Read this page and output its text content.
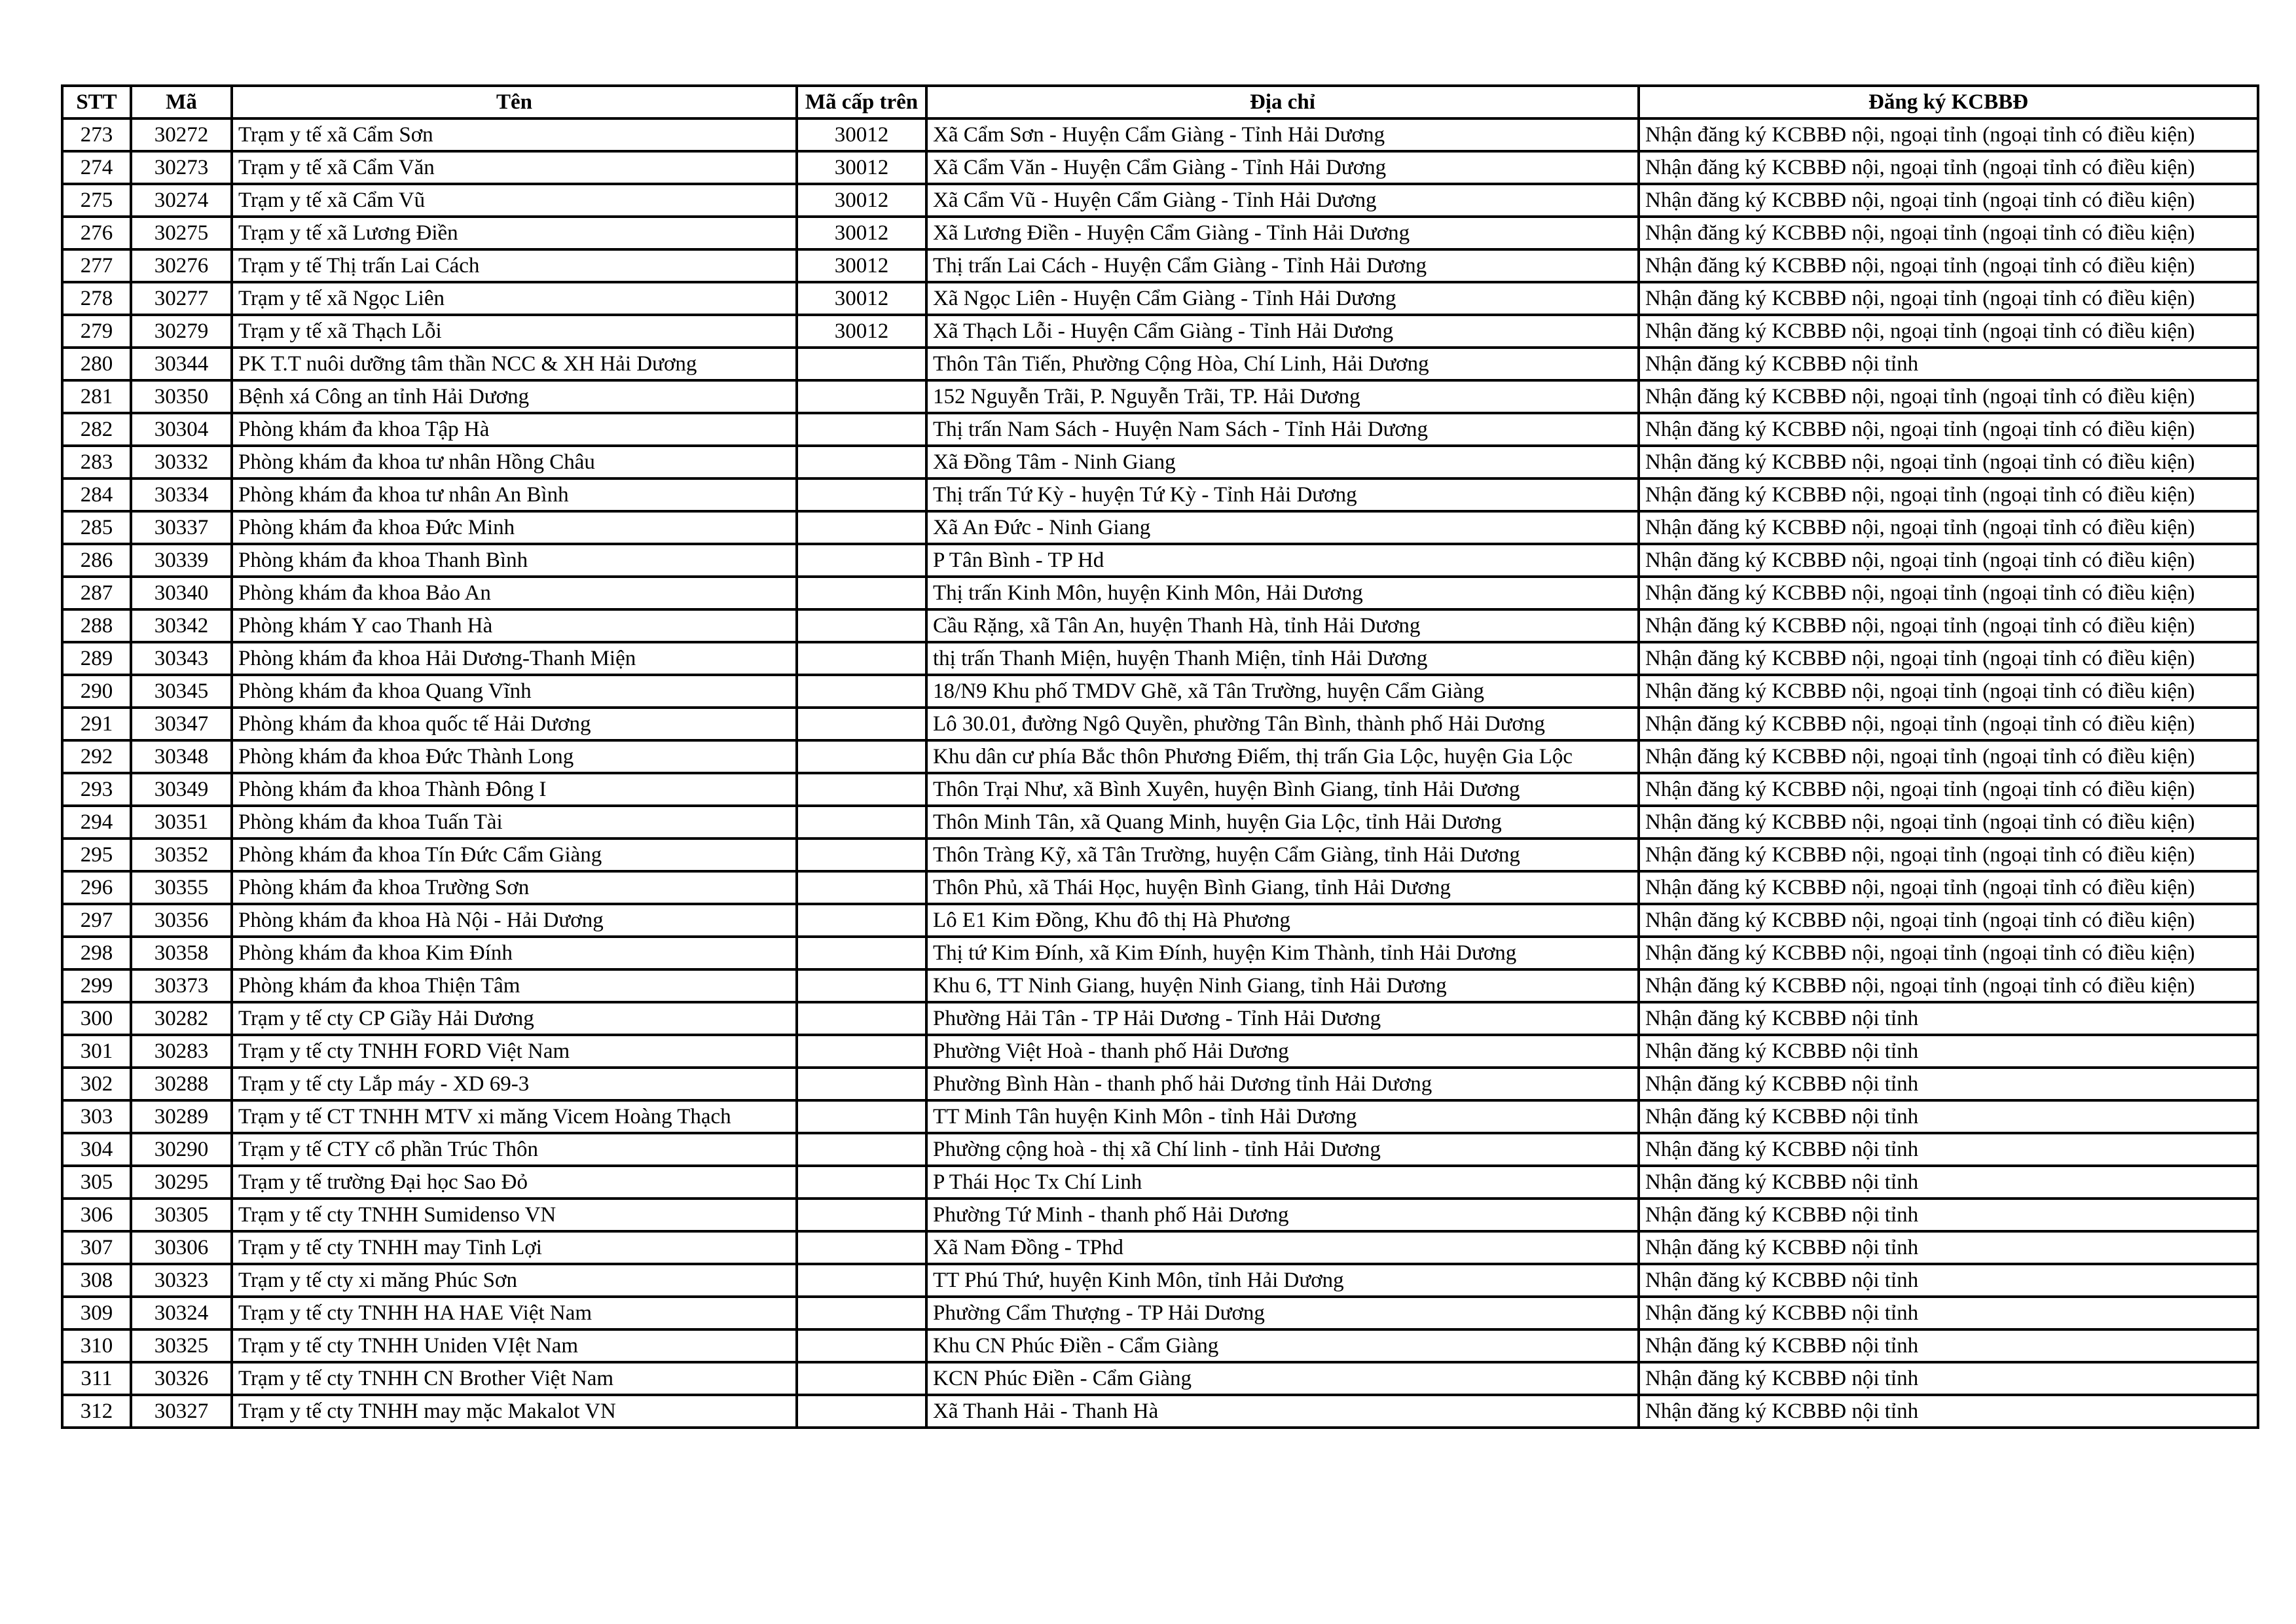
STT	Mã	Tên	Mã cấp trên	Địa chỉ	Đăng ký KCBBĐ
273	30272	Trạm y tế xã Cẩm Sơn	30012	Xã Cẩm Sơn - Huyện Cẩm Giàng - Tỉnh Hải Dương	Nhận đăng ký KCBBĐ nội, ngoại tỉnh (ngoại tỉnh có điều kiện)
274	30273	Trạm y tế xã Cẩm Văn	30012	Xã Cẩm Văn - Huyện Cẩm Giàng - Tỉnh Hải Dương	Nhận đăng ký KCBBĐ nội, ngoại tỉnh (ngoại tỉnh có điều kiện)
275	30274	Trạm y tế xã Cẩm Vũ	30012	Xã Cẩm Vũ - Huyện Cẩm Giàng - Tỉnh Hải Dương	Nhận đăng ký KCBBĐ nội, ngoại tỉnh (ngoại tỉnh có điều kiện)
276	30275	Trạm y tế xã Lương Điền	30012	Xã Lương Điền - Huyện Cẩm Giàng - Tỉnh Hải Dương	Nhận đăng ký KCBBĐ nội, ngoại tỉnh (ngoại tỉnh có điều kiện)
277	30276	Trạm y tế Thị trấn Lai Cách	30012	Thị trấn Lai Cách - Huyện Cẩm Giàng - Tỉnh Hải Dương	Nhận đăng ký KCBBĐ nội, ngoại tỉnh (ngoại tỉnh có điều kiện)
278	30277	Trạm y tế xã Ngọc Liên	30012	Xã Ngọc Liên - Huyện Cẩm Giàng - Tỉnh Hải Dương	Nhận đăng ký KCBBĐ nội, ngoại tỉnh (ngoại tỉnh có điều kiện)
279	30279	Trạm y tế xã Thạch Lỗi	30012	Xã Thạch Lỗi - Huyện Cẩm Giàng - Tỉnh Hải Dương	Nhận đăng ký KCBBĐ nội, ngoại tỉnh (ngoại tỉnh có điều kiện)
280	30344	PK T.T nuôi dưỡng tâm thần NCC & XH Hải Dương		Thôn Tân Tiến, Phường Cộng Hòa, Chí Linh, Hải Dương	Nhận đăng ký KCBBĐ nội tỉnh
281	30350	Bệnh xá Công an tỉnh Hải Dương		152 Nguyễn Trãi, P. Nguyễn Trãi, TP. Hải Dương	Nhận đăng ký KCBBĐ nội, ngoại tỉnh (ngoại tỉnh có điều kiện)
282	30304	Phòng khám đa khoa Tập Hà		Thị trấn Nam Sách - Huyện Nam Sách - Tỉnh Hải Dương	Nhận đăng ký KCBBĐ nội, ngoại tỉnh (ngoại tỉnh có điều kiện)
283	30332	Phòng khám đa khoa tư nhân Hồng Châu		Xã Đồng Tâm - Ninh Giang	Nhận đăng ký KCBBĐ nội, ngoại tỉnh (ngoại tỉnh có điều kiện)
284	30334	Phòng khám đa khoa tư nhân An Bình		Thị trấn Tứ Kỳ - huyện Tứ Kỳ - Tỉnh Hải Dương	Nhận đăng ký KCBBĐ nội, ngoại tỉnh (ngoại tỉnh có điều kiện)
285	30337	Phòng khám đa khoa Đức Minh		Xã An Đức - Ninh Giang	Nhận đăng ký KCBBĐ nội, ngoại tỉnh (ngoại tỉnh có điều kiện)
286	30339	Phòng khám đa khoa Thanh Bình		P Tân Bình - TP Hd	Nhận đăng ký KCBBĐ nội, ngoại tỉnh (ngoại tỉnh có điều kiện)
287	30340	Phòng khám đa khoa Bảo An		Thị trấn Kinh Môn, huyện Kinh Môn, Hải Dương	Nhận đăng ký KCBBĐ nội, ngoại tỉnh (ngoại tỉnh có điều kiện)
288	30342	Phòng khám Y cao Thanh Hà		Cầu Rặng, xã Tân An, huyện Thanh Hà, tỉnh Hải Dương	Nhận đăng ký KCBBĐ nội, ngoại tỉnh (ngoại tỉnh có điều kiện)
289	30343	Phòng khám đa khoa Hải Dương-Thanh Miện		thị trấn Thanh Miện, huyện Thanh Miện, tỉnh Hải Dương	Nhận đăng ký KCBBĐ nội, ngoại tỉnh (ngoại tỉnh có điều kiện)
290	30345	Phòng khám đa khoa Quang Vĩnh		18/N9 Khu phố TMDV Ghẽ, xã Tân Trường, huyện Cẩm Giàng	Nhận đăng ký KCBBĐ nội, ngoại tỉnh (ngoại tỉnh có điều kiện)
291	30347	Phòng khám đa khoa quốc tế Hải Dương		Lô 30.01, đường Ngô Quyền, phường Tân Bình, thành phố Hải Dương	Nhận đăng ký KCBBĐ nội, ngoại tỉnh (ngoại tỉnh có điều kiện)
292	30348	Phòng khám đa khoa Đức Thành Long		Khu dân cư phía Bắc thôn Phương Điếm, thị trấn Gia Lộc, huyện Gia Lộc	Nhận đăng ký KCBBĐ nội, ngoại tỉnh (ngoại tỉnh có điều kiện)
293	30349	Phòng khám đa khoa Thành Đông I		Thôn Trại Như, xã Bình Xuyên, huyện Bình Giang, tỉnh Hải Dương	Nhận đăng ký KCBBĐ nội, ngoại tỉnh (ngoại tỉnh có điều kiện)
294	30351	Phòng khám đa khoa Tuấn Tài		Thôn Minh Tân, xã Quang Minh, huyện Gia Lộc, tỉnh Hải Dương	Nhận đăng ký KCBBĐ nội, ngoại tỉnh (ngoại tỉnh có điều kiện)
295	30352	Phòng khám đa khoa Tín Đức Cẩm Giàng		Thôn Tràng Kỹ, xã Tân Trường, huyện Cẩm Giàng, tỉnh Hải Dương	Nhận đăng ký KCBBĐ nội, ngoại tỉnh (ngoại tỉnh có điều kiện)
296	30355	Phòng khám đa khoa Trường Sơn		Thôn Phủ, xã Thái Học, huyện Bình Giang, tỉnh Hải Dương	Nhận đăng ký KCBBĐ nội, ngoại tỉnh (ngoại tỉnh có điều kiện)
297	30356	Phòng khám đa khoa Hà Nội - Hải Dương		Lô E1 Kim Đồng, Khu đô thị Hà Phương	Nhận đăng ký KCBBĐ nội, ngoại tỉnh (ngoại tỉnh có điều kiện)
298	30358	Phòng khám đa khoa Kim Đính		Thị tứ Kim Đính, xã Kim Đính, huyện Kim Thành, tỉnh Hải Dương	Nhận đăng ký KCBBĐ nội, ngoại tỉnh (ngoại tỉnh có điều kiện)
299	30373	Phòng khám đa khoa Thiện Tâm		Khu 6, TT Ninh Giang, huyện Ninh Giang, tỉnh Hải Dương	Nhận đăng ký KCBBĐ nội, ngoại tỉnh (ngoại tỉnh có điều kiện)
300	30282	Trạm y tế cty CP Giầy Hải Dương		Phường Hải Tân - TP Hải Dương - Tỉnh Hải Dương	Nhận đăng ký KCBBĐ nội tỉnh
301	30283	Trạm y tế cty TNHH FORD Việt Nam		Phường Việt Hoà - thanh phố Hải Dương	Nhận đăng ký KCBBĐ nội tỉnh
302	30288	Trạm y tế cty Lắp máy - XD 69-3		Phường Bình Hàn - thanh phố hải Dương tỉnh Hải Dương	Nhận đăng ký KCBBĐ nội tỉnh
303	30289	Trạm y tế CT TNHH MTV xi măng Vicem Hoàng Thạch		TT Minh Tân huyện Kinh Môn - tỉnh Hải Dương	Nhận đăng ký KCBBĐ nội tỉnh
304	30290	Trạm y tế CTY cổ phần Trúc Thôn		Phường cộng hoà - thị xã Chí linh - tỉnh Hải Dương	Nhận đăng ký KCBBĐ nội tỉnh
305	30295	Trạm y tế trường Đại học Sao Đỏ		P Thái Học Tx Chí Linh	Nhận đăng ký KCBBĐ nội tỉnh
306	30305	Trạm y tế cty TNHH Sumidenso VN		Phường Tứ Minh - thanh phố Hải Dương	Nhận đăng ký KCBBĐ nội tỉnh
307	30306	Trạm y tế cty TNHH may Tinh Lợi		Xã Nam Đồng - TPhd	Nhận đăng ký KCBBĐ nội tỉnh
308	30323	Trạm y tế cty xi măng Phúc Sơn		TT Phú Thứ, huyện Kinh Môn, tỉnh Hải Dương	Nhận đăng ký KCBBĐ nội tỉnh
309	30324	Trạm y tế cty TNHH HA HAE Việt Nam		Phường Cẩm Thượng - TP Hải Dương	Nhận đăng ký KCBBĐ nội tỉnh
310	30325	Trạm y tế cty TNHH Uniden VIệt Nam		Khu CN Phúc Điền - Cẩm Giàng	Nhận đăng ký KCBBĐ nội tỉnh
311	30326	Trạm y tế cty TNHH CN Brother Việt Nam		KCN Phúc Điền - Cẩm Giàng	Nhận đăng ký KCBBĐ nội tỉnh
312	30327	Trạm y tế cty TNHH may mặc Makalot VN		Xã Thanh Hải - Thanh Hà	Nhận đăng ký KCBBĐ nội tỉnh
